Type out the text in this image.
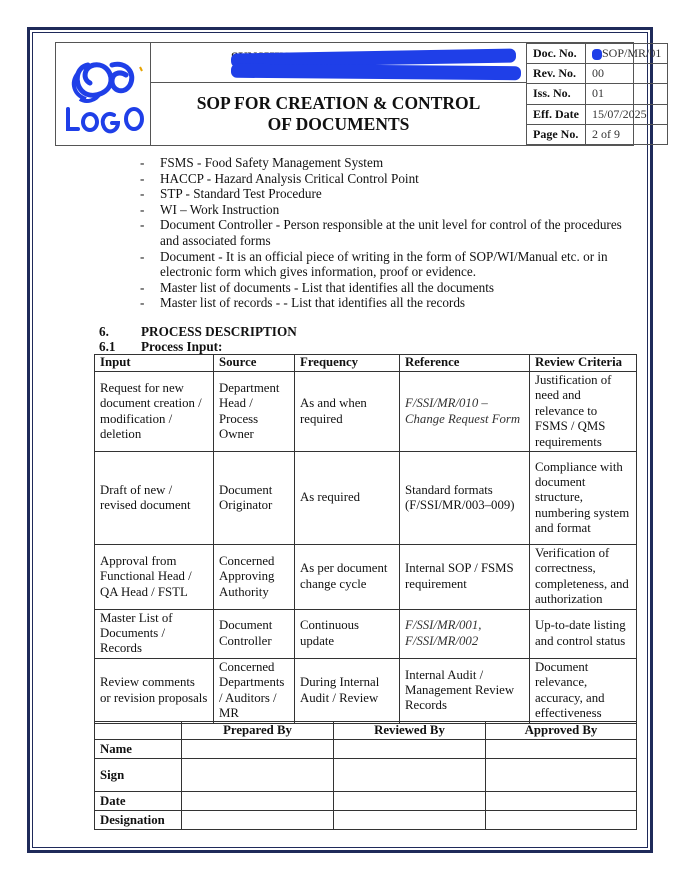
SOP FOR CREATION & CONTROL
OF DOCUMENTS
Doc. No.	SOP/MR/01
Rev. No.	00
Iss. No.	01
Eff. Date	15/07/2025
Page No.	2 of 9
- FSMS - Food Safety Management System
- HACCP - Hazard Analysis Critical Control Point
- STP - Standard Test Procedure
- WI – Work Instruction
- Document Controller - Person responsible at the unit level for control of the procedures and associated forms
- Document - It is an official piece of writing in the form of SOP/WI/Manual etc. or in electronic form which gives information, proof or evidence.
- Master list of documents - List that identifies all the documents
- Master list of records - - List that identifies all the records
6. PROCESS DESCRIPTION
6.1 Process Input:
Input	Source	Frequency	Reference	Review Criteria
Request for new document creation / modification / deletion	Department Head / Process Owner	As and when required	F/SSI/MR/010 – Change Request Form	Justification of need and relevance to FSMS / QMS requirements
Draft of new / revised document	Document Originator	As required	Standard formats (F/SSI/MR/003–009)	Compliance with document structure, numbering system and format
Approval from Functional Head / QA Head / FSTL	Concerned Approving Authority	As per document change cycle	Internal SOP / FSMS requirement	Verification of correctness, completeness, and authorization
Master List of Documents / Records	Document Controller	Continuous update	F/SSI/MR/001, F/SSI/MR/002	Up-to-date listing and control status
Review comments or revision proposals	Concerned Departments / Auditors / MR	During Internal Audit / Review	Internal Audit / Management Review Records	Document relevance, accuracy, and effectiveness
	Prepared By	Reviewed By	Approved By
Name			
Sign			
Date			
Designation			
